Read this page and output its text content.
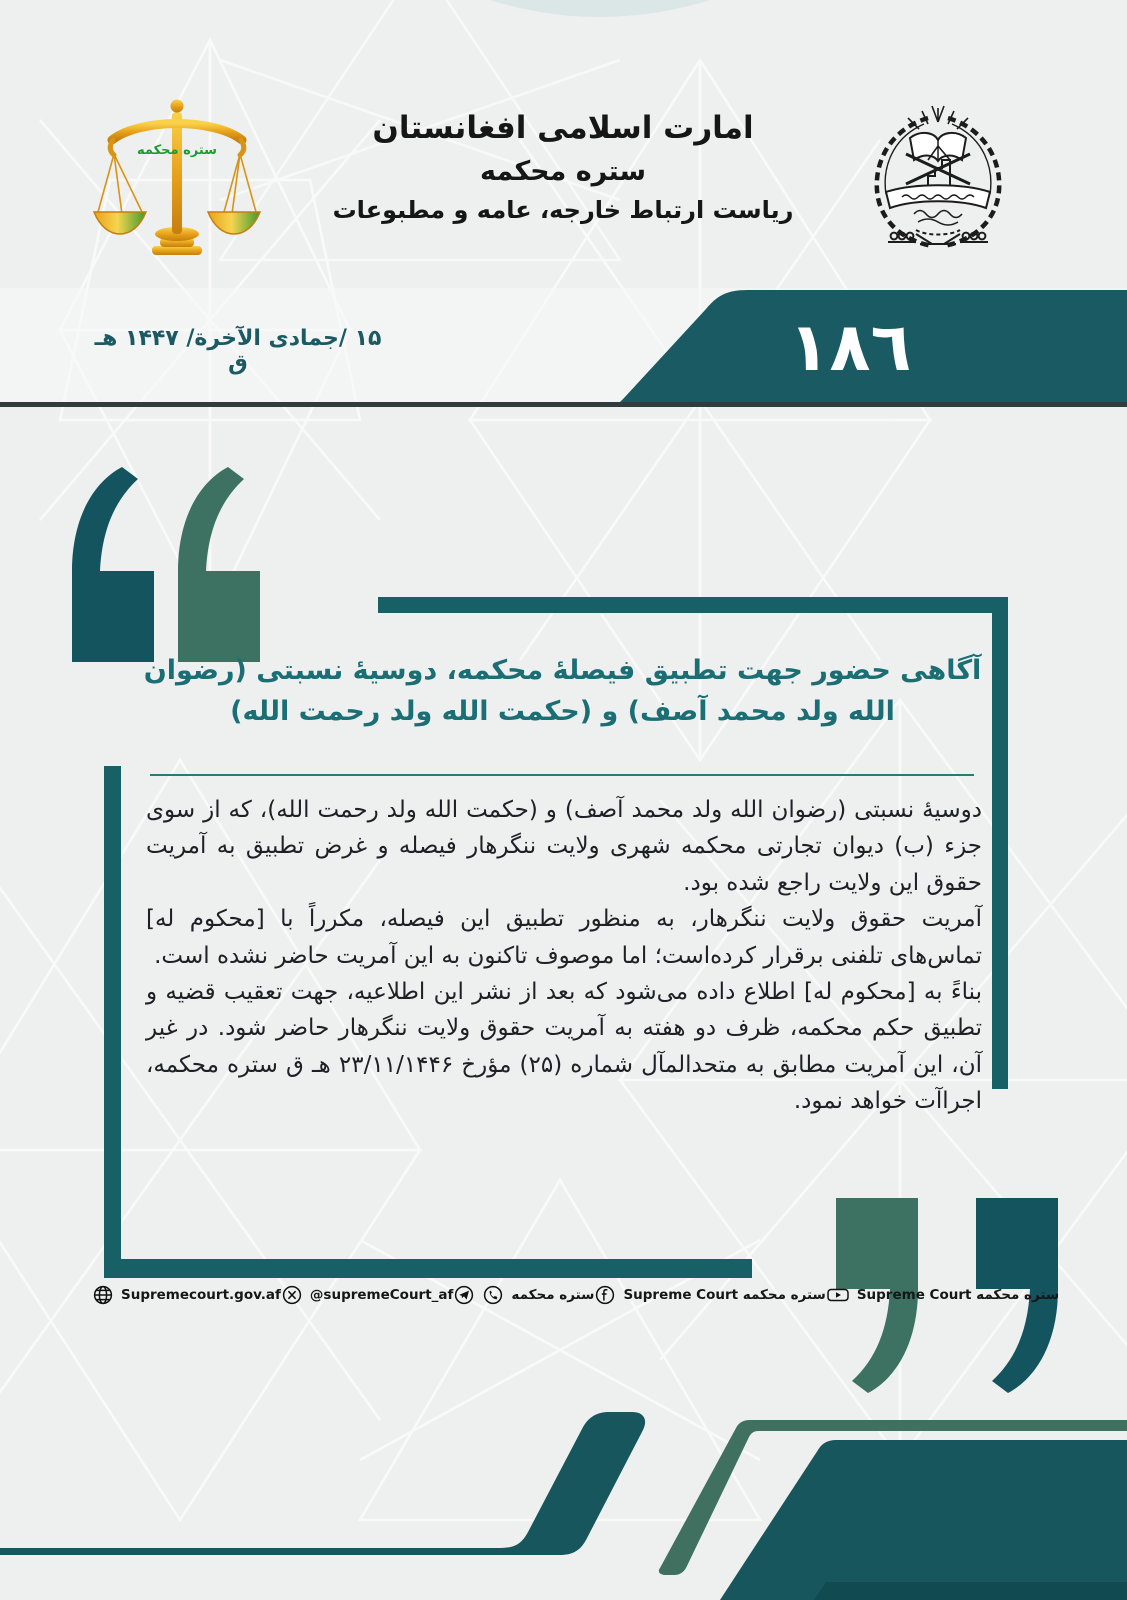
ستره محکمه
امارت اسلامی افغانستان
ستره محکمه
ریاست ارتباط خارجه، عامه و مطبوعات
١٨٦
۱۵ /جمادی الآخرة/ ۱۴۴۷ هـ ق
آگاهی حضور جهت تطبیق فیصلهٔ محکمه، دوسیهٔ نسبتی (رضوان الله ولد محمد آصف) و (حکمت الله ولد رحمت الله)

دوسیهٔ نسبتی (رضوان الله ولد محمد آصف) و (حکمت الله ولد رحمت الله)، که از سوی جزء (ب) دیوان تجارتی محکمه شهری ولایت ننگرهار فیصله و غرض تطبیق به آمریت حقوق این ولایت راجع شده بود.

آمریت حقوق ولایت ننگرهار، به منظور تطبیق این فیصله، مکرراً با [محکوم له] تماس‌های تلفنی برقرار کرده‌است؛ اما موصوف تاکنون به این آمریت حاضر نشده است.

بناءً به [محکوم له] اطلاع داده می‌شود که بعد از نشر این اطلاعیه، جهت تعقیب قضیه و تطبیق حکم محکمه، ظرف دو هفته به آمریت حقوق ولایت ننگرهار حاضر شود. در غیر آن، این آمریت مطابق به متحدالمآل شماره (۲۵) مؤرخ ۲۳/۱۱/۱۴۴۶ هـ ق ستره محکمه، اجراآت خواهد نمود.

Supremecourt.gov.af @supremeCourt_af	ستره محکمه Supreme Court ستره محکمه Supreme Court ستره محکمه
